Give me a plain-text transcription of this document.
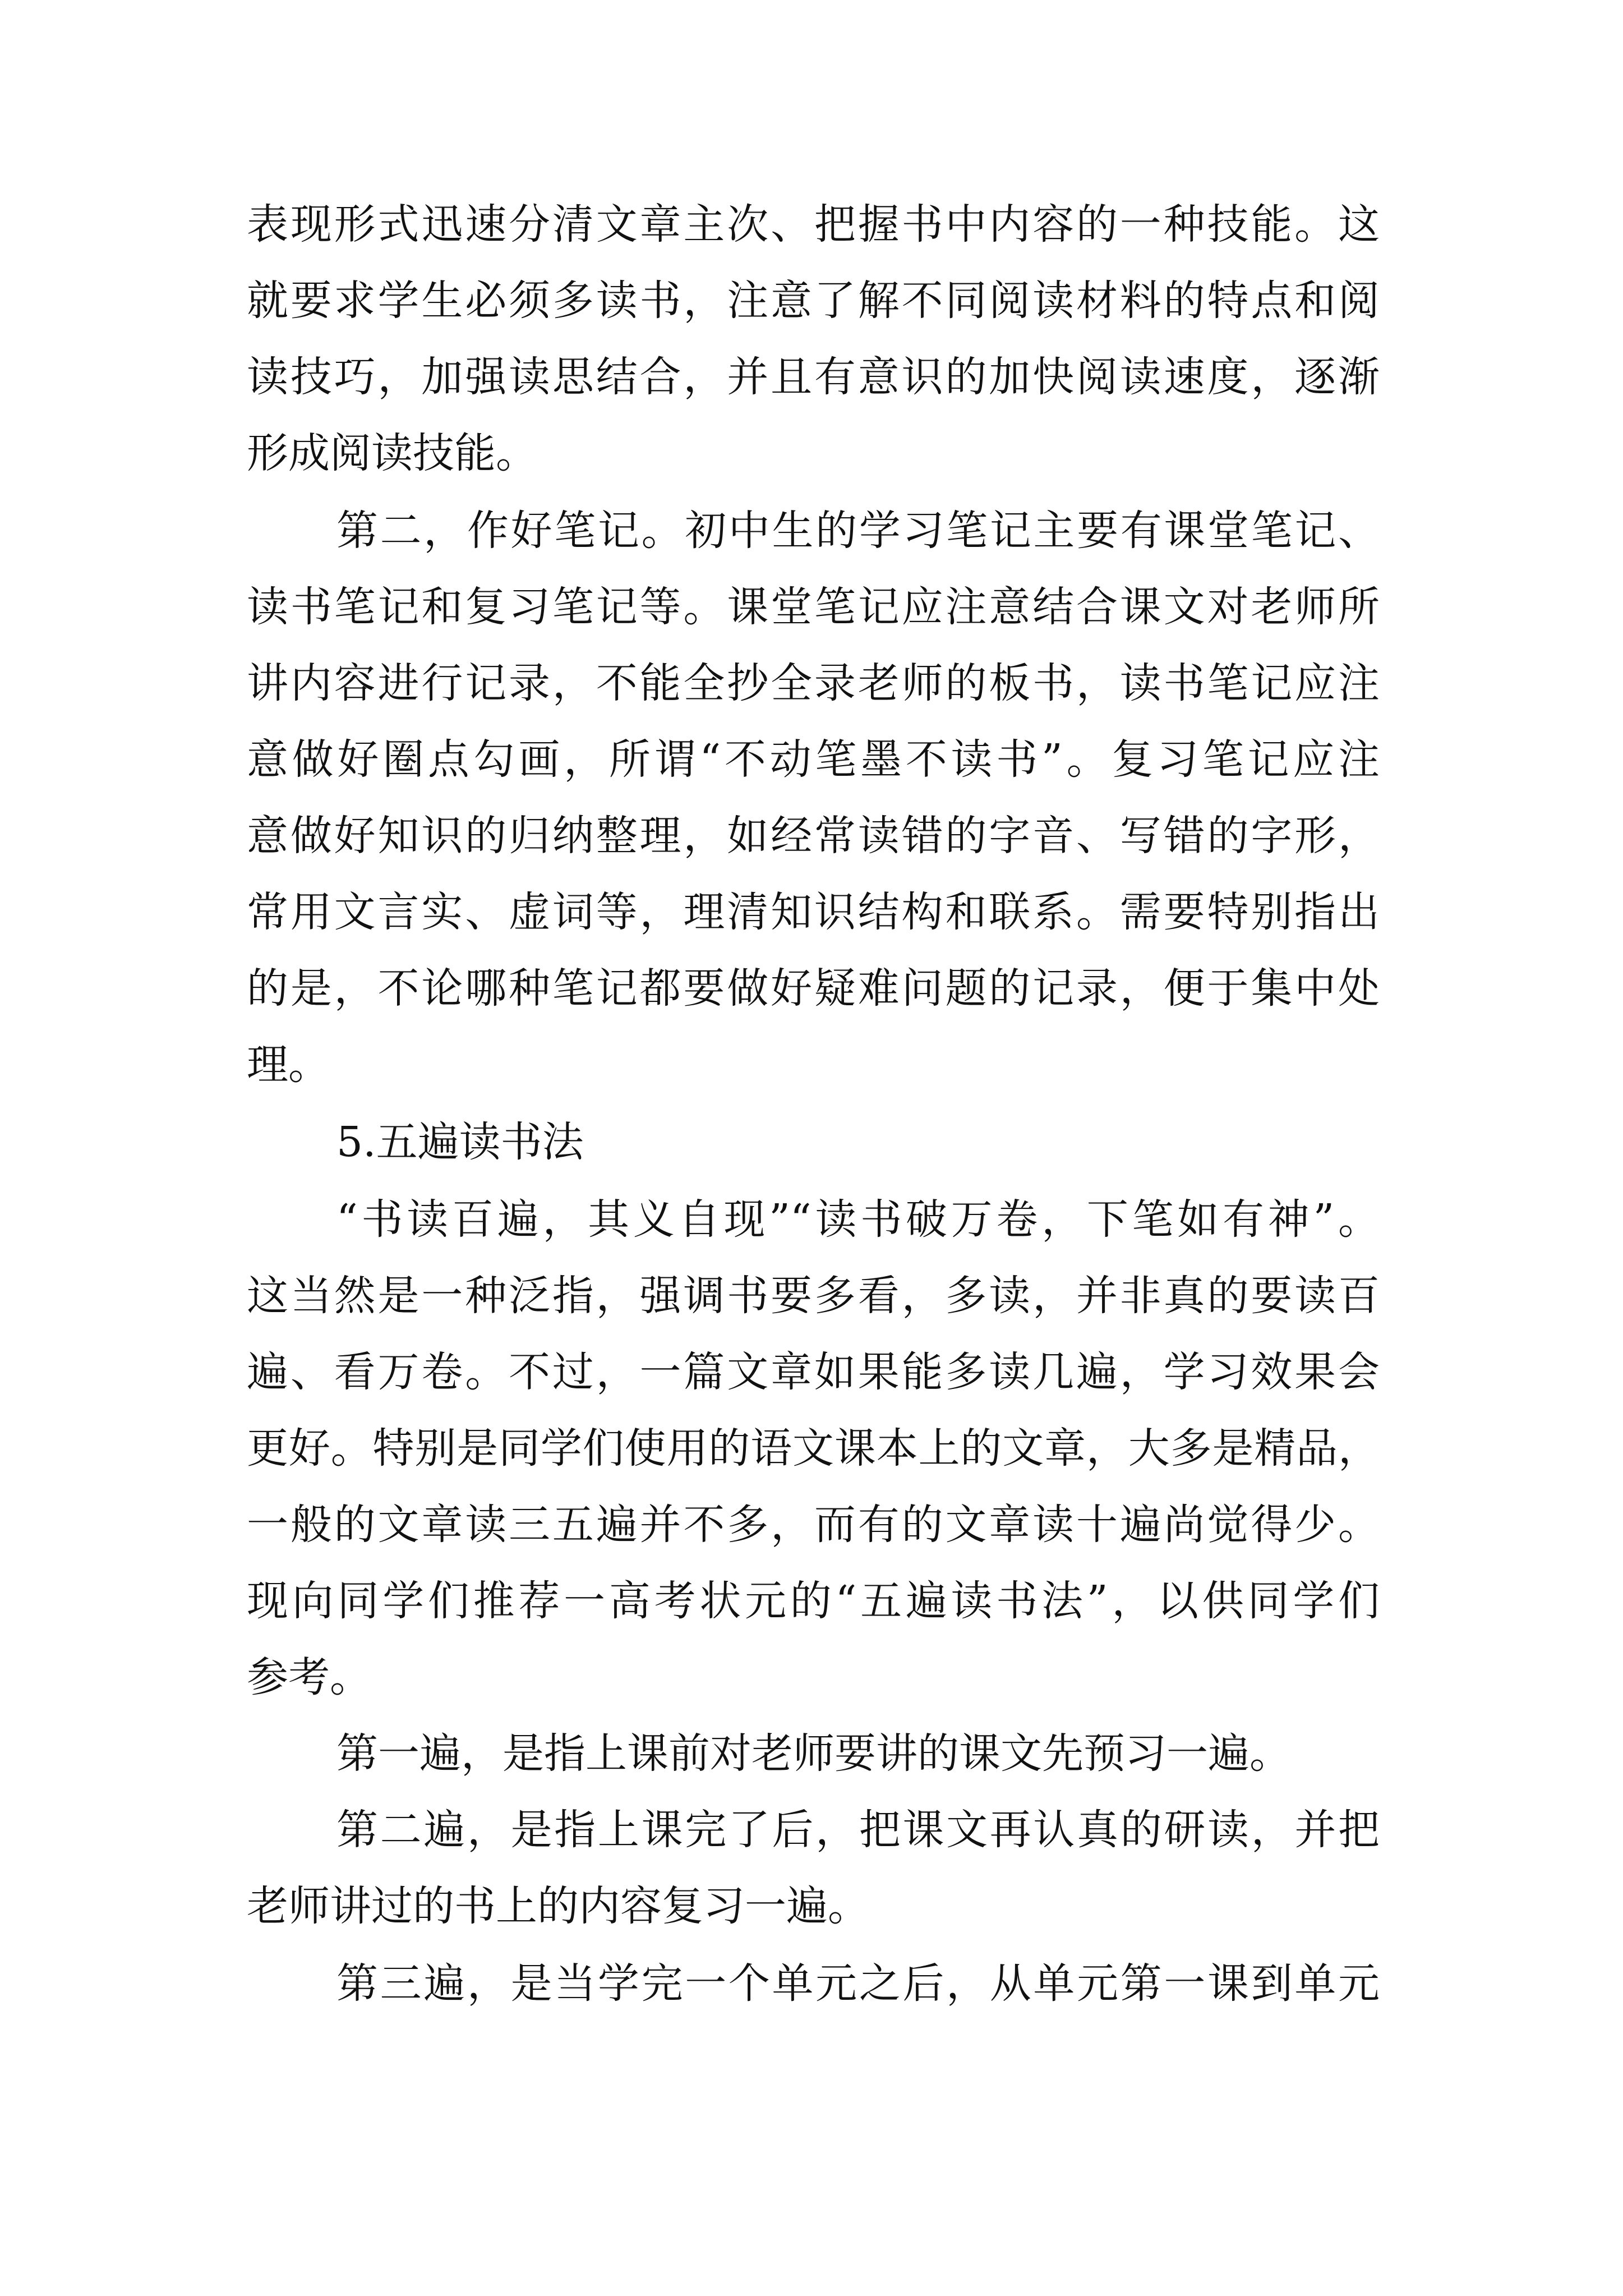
表现形式迅速分清文章主次、把握书中内容的一种技能。这
就要求学生必须多读书，注意了解不同阅读材料的特点和阅
读技巧，加强读思结合，并且有意识的加快阅读速度，逐渐
形成阅读技能。
第二，作好笔记。初中生的学习笔记主要有课堂笔记、
读书笔记和复习笔记等。课堂笔记应注意结合课文对老师所
讲内容进行记录，不能全抄全录老师的板书，读书笔记应注
意做好圈点勾画，所谓“不动笔墨不读书”。复习笔记应注
意做好知识的归纳整理，如经常读错的字音、写错的字形，
常用文言实、虚词等，理清知识结构和联系。需要特别指出
的是，不论哪种笔记都要做好疑难问题的记录，便于集中处
理。
5.五遍读书法
“书读百遍，其义自现”“读书破万卷，下笔如有神”。
这当然是一种泛指，强调书要多看，多读，并非真的要读百
遍、看万卷。不过，一篇文章如果能多读几遍，学习效果会
更好。特别是同学们使用的语文课本上的文章，大多是精品，
一般的文章读三五遍并不多，而有的文章读十遍尚觉得少。
现向同学们推荐一高考状元的“五遍读书法”，以供同学们
参考。
第一遍，是指上课前对老师要讲的课文先预习一遍。
第二遍，是指上课完了后，把课文再认真的研读，并把
老师讲过的书上的内容复习一遍。
第三遍，是当学完一个单元之后，从单元第一课到单元
